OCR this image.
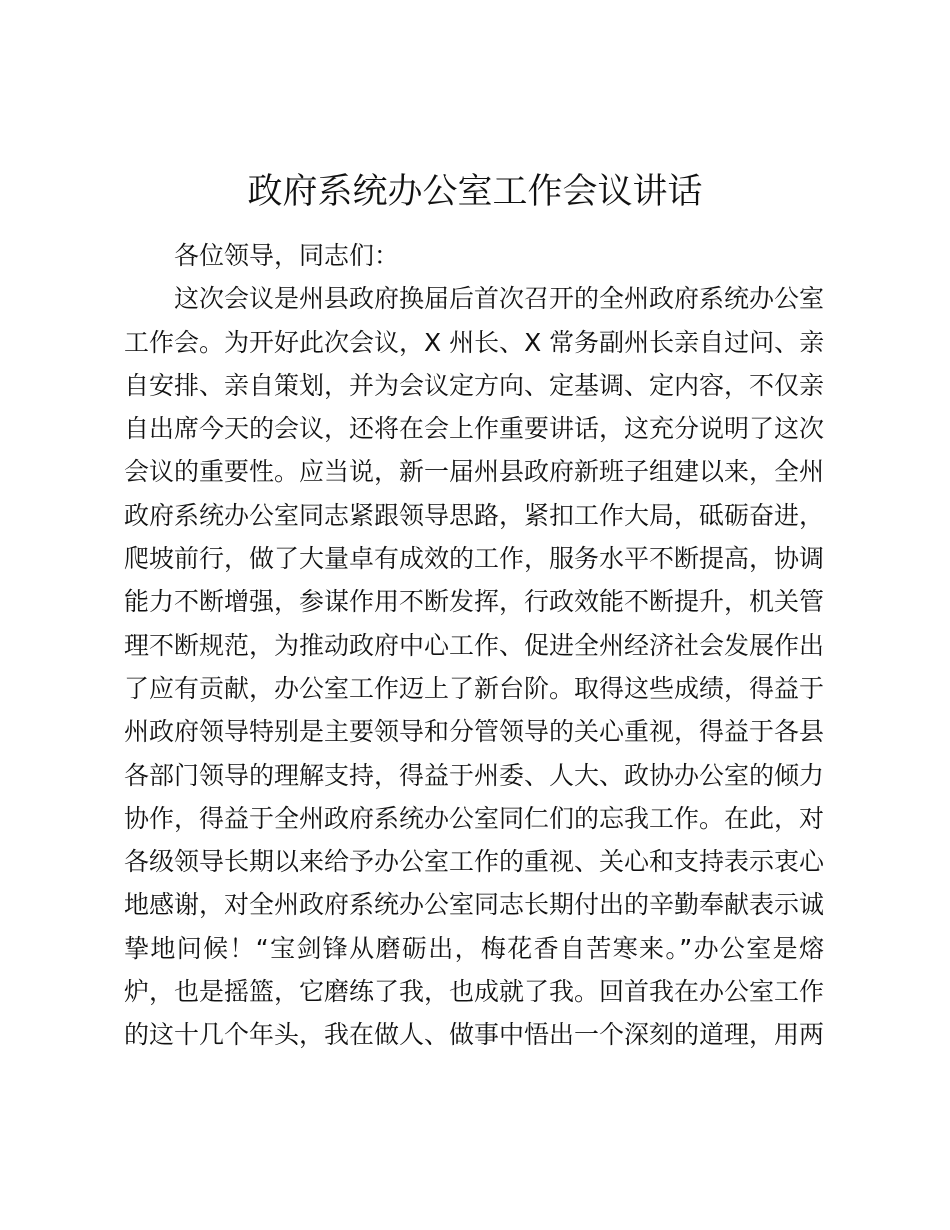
政府系统办公室工作会议讲话
各位领导，同志们：
这次会议是州县政府换届后首次召开的全州政府系统办公室
工作会。为开好此次会议，X 州长、X 常务副州长亲自过问、亲
自安排、亲自策划，并为会议定方向、定基调、定内容，不仅亲
自出席今天的会议，还将在会上作重要讲话，这充分说明了这次
会议的重要性。应当说，新一届州县政府新班子组建以来，全州
政府系统办公室同志紧跟领导思路，紧扣工作大局，砥砺奋进，
爬坡前行，做了大量卓有成效的工作，服务水平不断提高，协调
能力不断增强，参谋作用不断发挥，行政效能不断提升，机关管
理不断规范，为推动政府中心工作、促进全州经济社会发展作出
了应有贡献，办公室工作迈上了新台阶。取得这些成绩，得益于
州政府领导特别是主要领导和分管领导的关心重视，得益于各县
各部门领导的理解支持，得益于州委、人大、政协办公室的倾力
协作，得益于全州政府系统办公室同仁们的忘我工作。在此，对
各级领导长期以来给予办公室工作的重视、关心和支持表示衷心
地感谢，对全州政府系统办公室同志长期付出的辛勤奉献表示诚
挚地问候！“宝剑锋从磨砺出，梅花香自苦寒来。”办公室是熔
炉，也是摇篮，它磨练了我，也成就了我。回首我在办公室工作
的这十几个年头，我在做人、做事中悟出一个深刻的道理，用两
